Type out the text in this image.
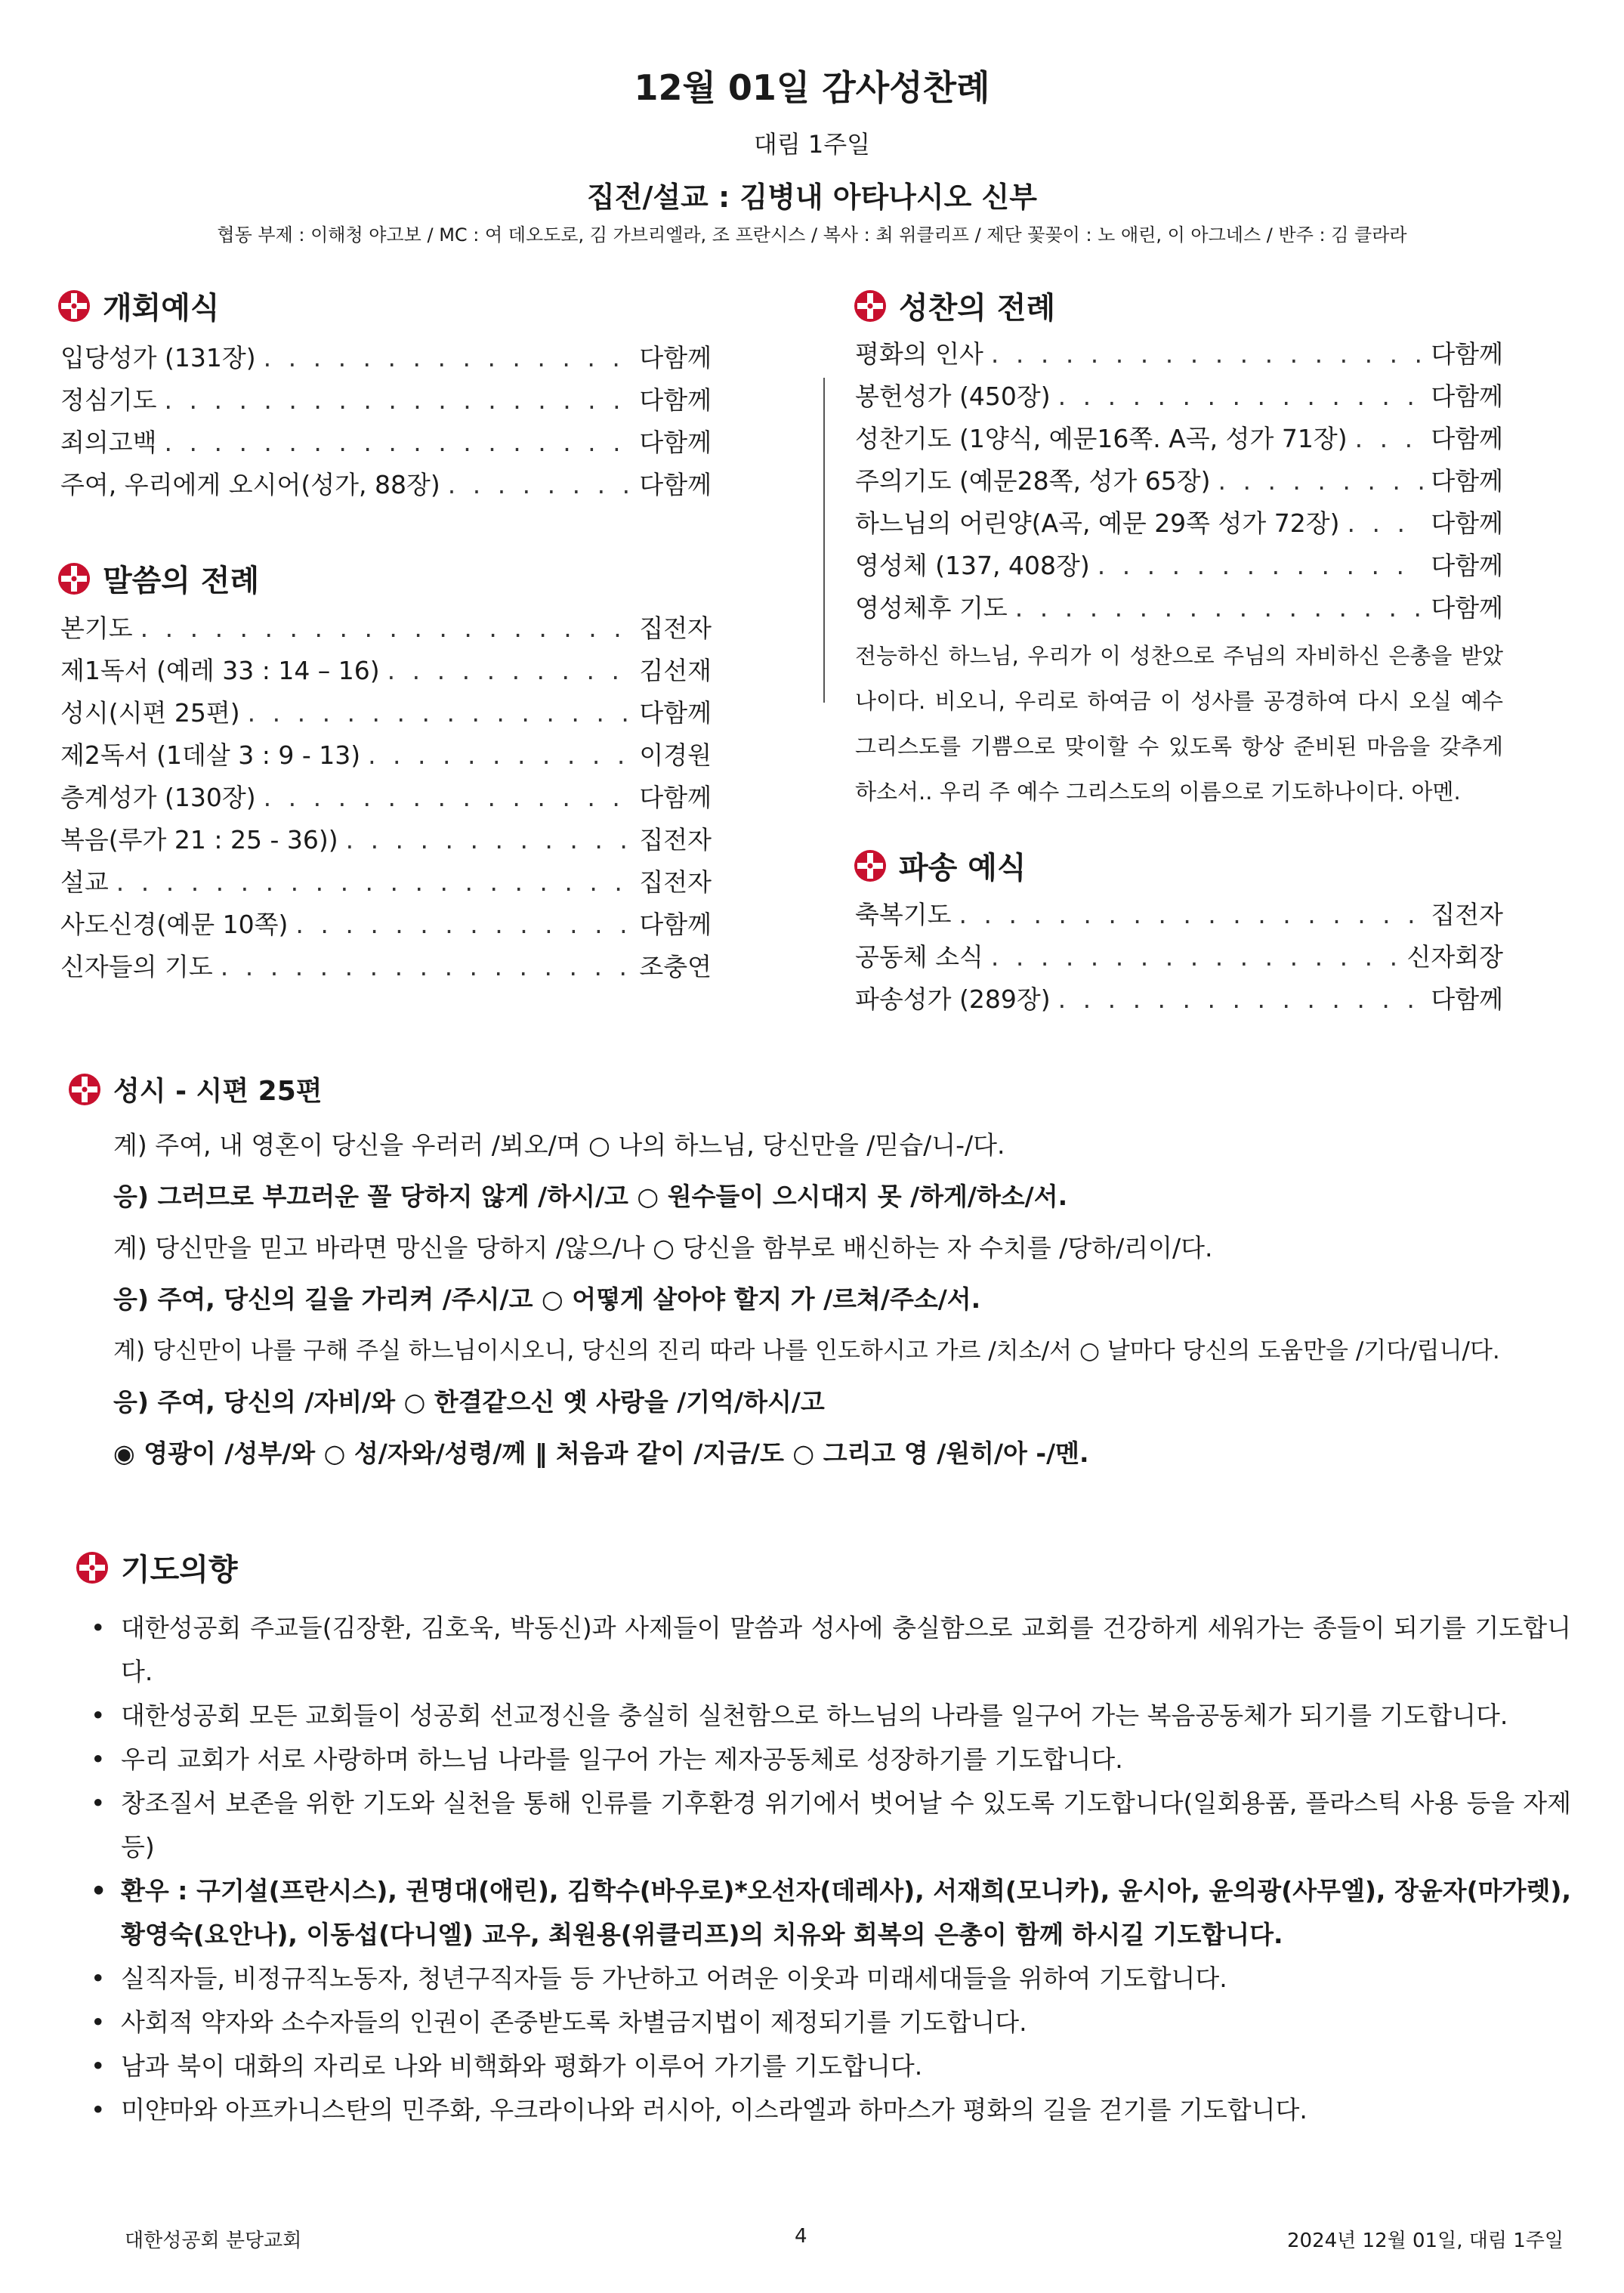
12월 01일 감사성찬례
대림 1주일
집전/설교 : 김병내 아타나시오 신부
협동 부제 : 이해청 야고보 / MC : 여 데오도로, 김 가브리엘라, 조 프란시스 / 복사 : 최 위클리프 / 제단 꽃꽂이 : 노 애린, 이 아그네스 / 반주 : 김 클라라
개회예식
말씀의 전례
성찬의 전례
파송 예식
성시 - 시편 25편
기도의향
입당성가 (131장) . . .	다함께
정심기도 . . .	다함께
죄의고백 . . .	다함께
주여, 우리에게 오시어(성가, 88장) . . .	다함께
본기도 . . .	집전자
제1독서 (예레 33 : 14 – 16) . . .	김선재
성시(시편 25편) . . .	다함께
제2독서 (1데살 3 : 9 - 13) . . .	이경원
층계성가 (130장) . . .	다함께
복음(루가 21 : 25 - 36)) . . .	집전자
설교 . . .	집전자
사도신경(예문 10쪽) . . .	다함께
신자들의 기도 . . .	조충연
평화의 인사 . . .	다함께
봉헌성가 (450장) . . .	다함께
성찬기도 (1양식, 예문16쪽. A곡, 성가 71장) . . .	다함께
주의기도 (예문28쪽, 성가 65장) . . .	다함께
하느님의 어린양(A곡, 예문 29쪽 성가 72장) . . .	다함께
영성체 (137, 408장) . . .	다함께
영성체후 기도 . . .	다함께
전능하신 하느님, 우리가 이 성찬으로 주님의 자비하신 은총을 받았나이다. 비오니, 우리로 하여금 이 성사를 공경하여 다시 오실 예수 그리스도를 기쁨으로 맞이할 수 있도록 항상 준비된 마음을 갖추게 하소서.. 우리 주 예수 그리스도의 이름으로 기도하나이다. 아멘.
축복기도 . . .	집전자
공동체 소식 . . .	신자회장
파송성가 (289장) . . .	다함께
계) 주여, 내 영혼이 당신을 우러러 /뵈오/며 ○ 나의 하느님, 당신만을 /믿습/니-/다.
응) 그러므로 부끄러운 꼴 당하지 않게 /하시/고 ○ 원수들이 으시대지 못 /하게/하소/서.
계) 당신만을 믿고 바라면 망신을 당하지 /않으/나 ○ 당신을 함부로 배신하는 자 수치를 /당하/리이/다.
응) 주여, 당신의 길을 가리켜 /주시/고 ○ 어떻게 살아야 할지 가 /르쳐/주소/서.
계) 당신만이 나를 구해 주실 하느님이시오니, 당신의 진리 따라 나를 인도하시고 가르 /치소/서 ○ 날마다 당신의 도움만을 /기다/립니/다.
응) 주여, 당신의 /자비/와 ○ 한결같으신 옛 사랑을 /기억/하시/고
◉ 영광이 /성부/와 ○ 성/자와/성령/께 ‖ 처음과 같이 /지금/도 ○ 그리고 영 /원히/아 -/멘.
• 대한성공회 주교들(김장환, 김호욱, 박동신)과 사제들이 말씀과 성사에 충실함으로 교회를 건강하게 세워가는 종들이 되기를 기도합니다.
• 대한성공회 모든 교회들이 성공회 선교정신을 충실히 실천함으로 하느님의 나라를 일구어 가는 복음공동체가 되기를 기도합니다.
• 우리 교회가 서로 사랑하며 하느님 나라를 일구어 가는 제자공동체로 성장하기를 기도합니다.
• 창조질서 보존을 위한 기도와 실천을 통해 인류를 기후환경 위기에서 벗어날 수 있도록 기도합니다(일회용품, 플라스틱 사용 등을 자제 등)
• 환우 : 구기설(프란시스), 권명대(애린), 김학수(바우로)*오선자(데레사), 서재희(모니카), 윤시아, 윤의광(사무엘), 장윤자(마가렛), 황영숙(요안나), 이동섭(다니엘) 교우, 최원용(위클리프)의 치유와 회복의 은총이 함께 하시길 기도합니다.
• 실직자들, 비정규직노동자, 청년구직자들 등 가난하고 어려운 이웃과 미래세대들을 위하여 기도합니다.
• 사회적 약자와 소수자들의 인권이 존중받도록 차별금지법이 제정되기를 기도합니다.
• 남과 북이 대화의 자리로 나와 비핵화와 평화가 이루어 가기를 기도합니다.
• 미얀마와 아프카니스탄의 민주화, 우크라이나와 러시아, 이스라엘과 하마스가 평화의 길을 걷기를 기도합니다.
대한성공회 분당교회	4	2024년 12월 01일, 대림 1주일
